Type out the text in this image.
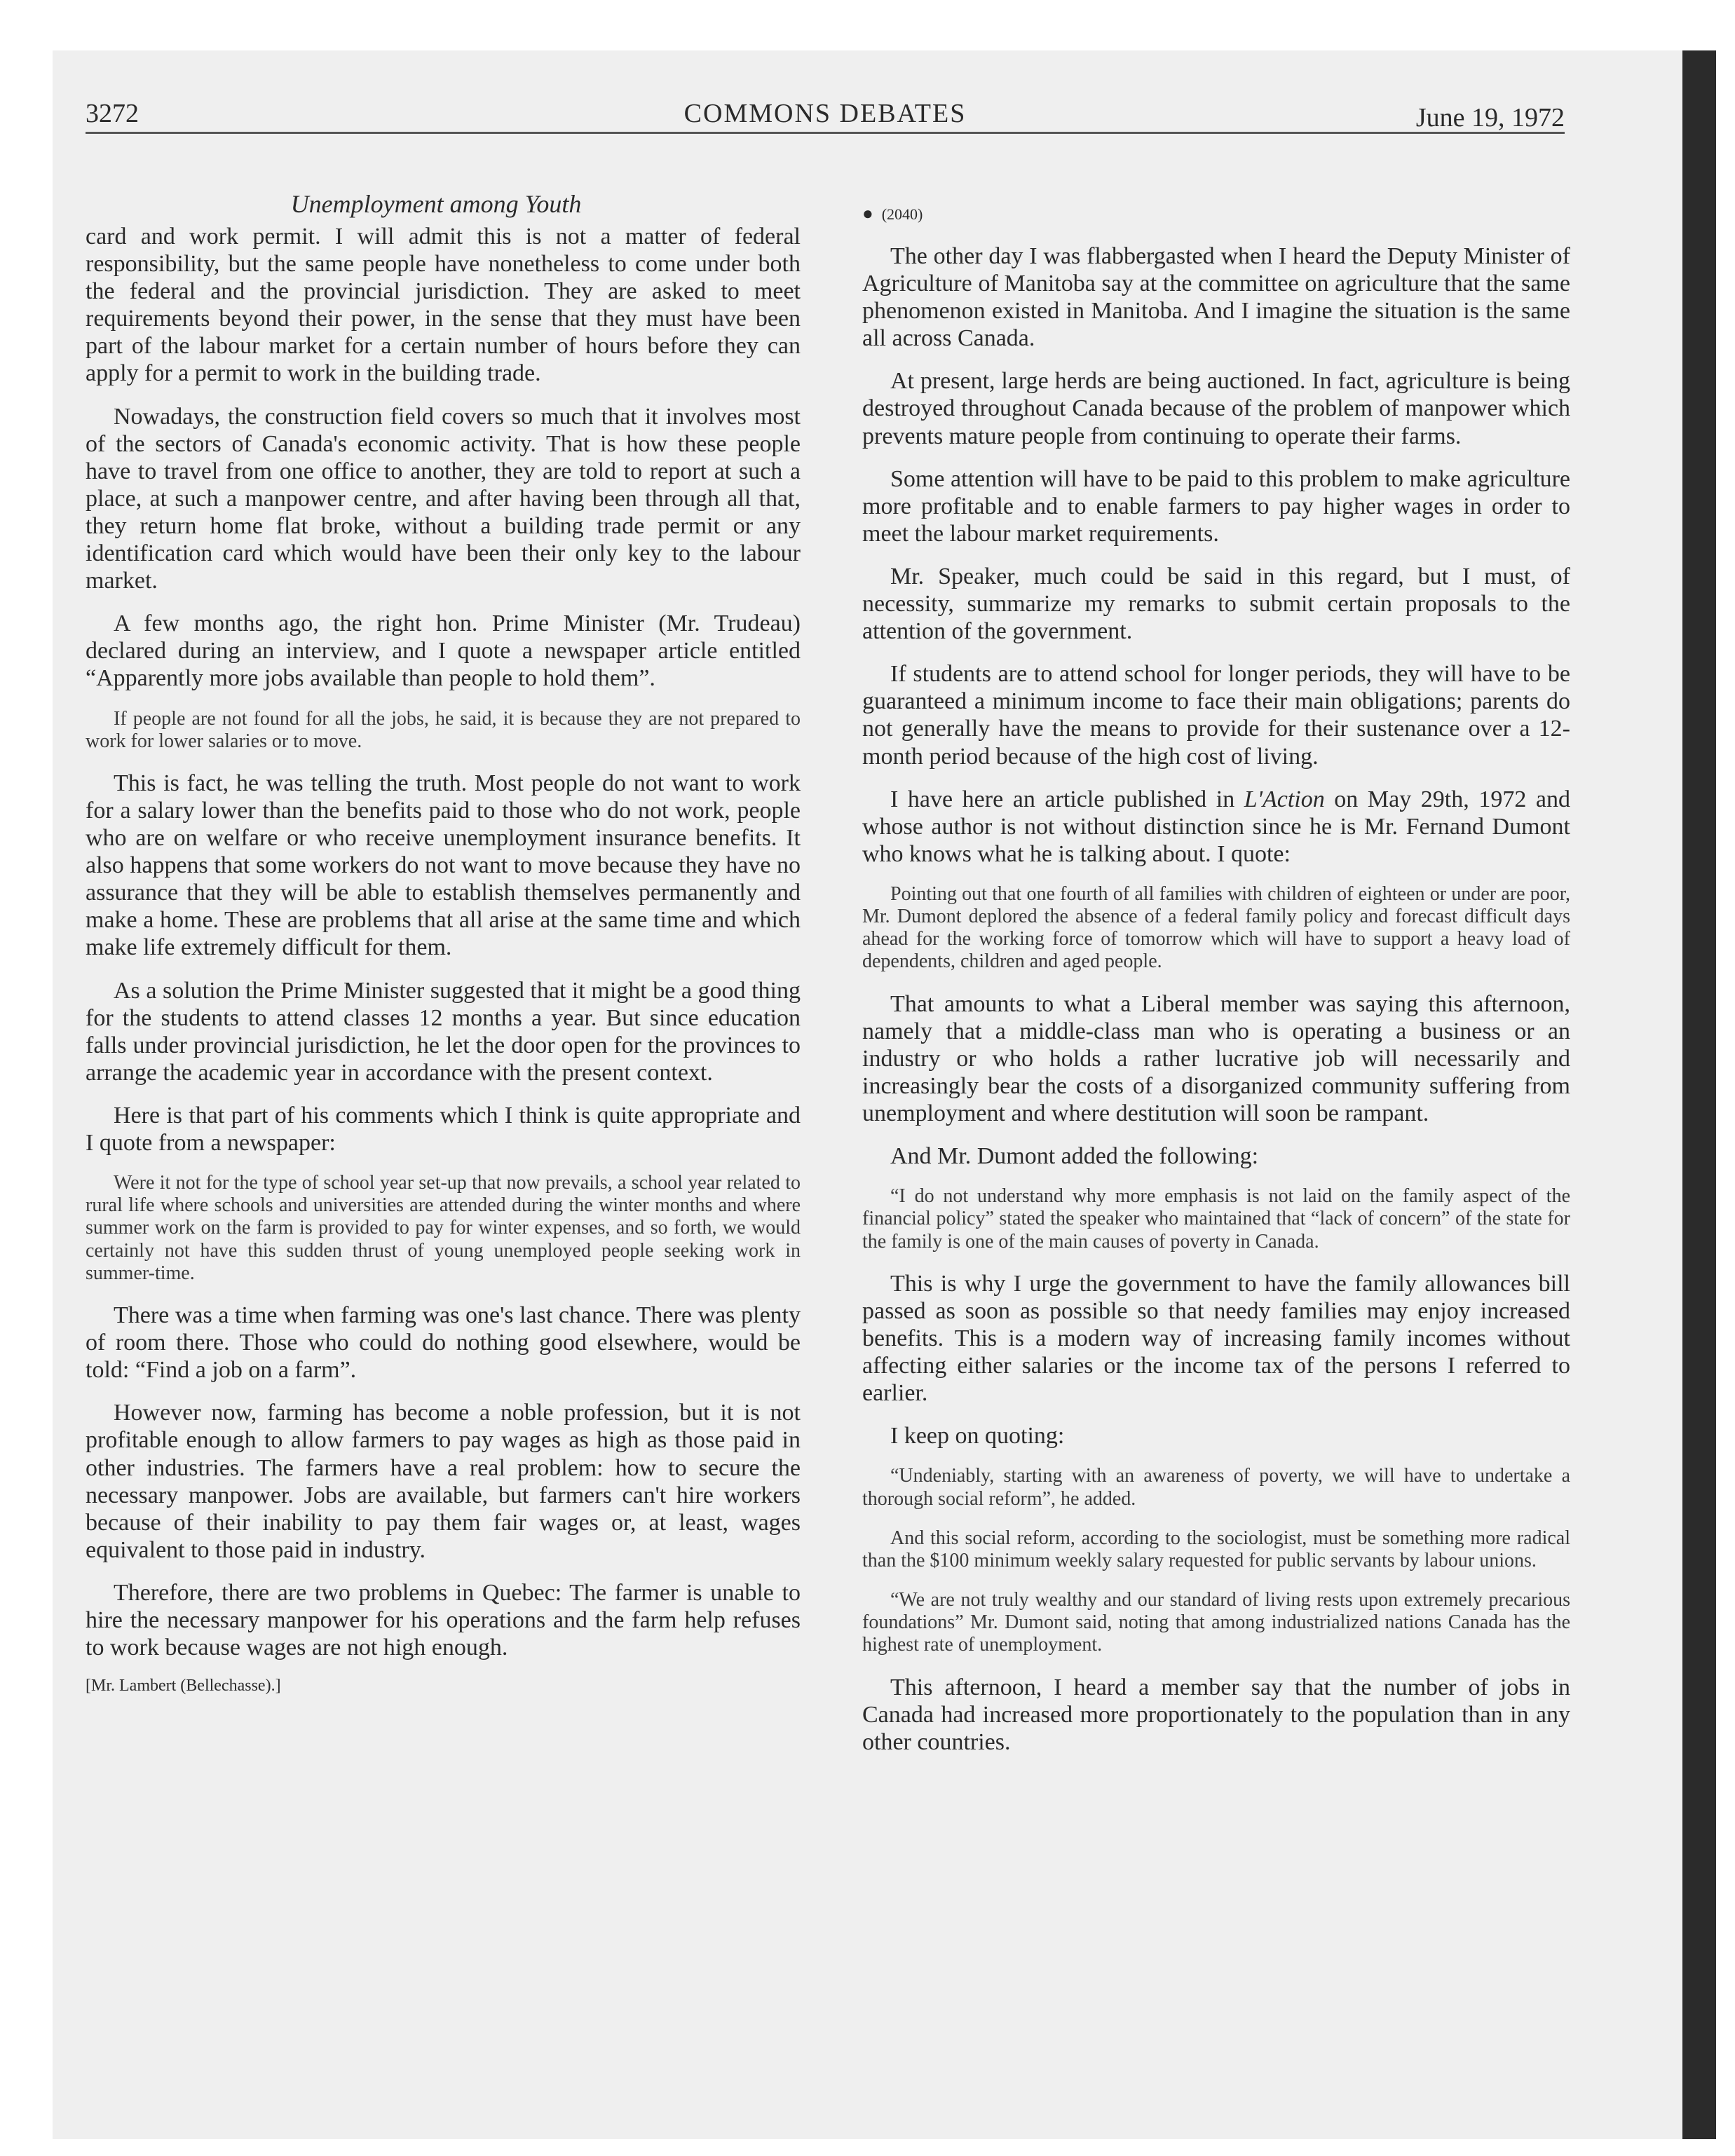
3272	COMMONS DEBATES	June 19, 1972
Unemployment among Youth

card and work permit. I will admit this is not a matter of federal responsibility, but the same people have nonetheless to come under both the federal and the provincial jurisdiction. They are asked to meet requirements beyond their power, in the sense that they must have been part of the labour market for a certain number of hours before they can apply for a permit to work in the building trade.

Nowadays, the construction field covers so much that it involves most of the sectors of Canada's economic activity. That is how these people have to travel from one office to another, they are told to report at such a place, at such a manpower centre, and after having been through all that, they return home flat broke, without a building trade permit or any identification card which would have been their only key to the labour market.

A few months ago, the right hon. Prime Minister (Mr. Trudeau) declared during an interview, and I quote a newspaper article entitled “Apparently more jobs available than people to hold them”.

If people are not found for all the jobs, he said, it is because they are not prepared to work for lower salaries or to move.

This is fact, he was telling the truth. Most people do not want to work for a salary lower than the benefits paid to those who do not work, people who are on welfare or who receive unemployment insurance benefits. It also happens that some workers do not want to move because they have no assurance that they will be able to establish themselves permanently and make a home. These are problems that all arise at the same time and which make life extremely difficult for them.

As a solution the Prime Minister suggested that it might be a good thing for the students to attend classes 12 months a year. But since education falls under provincial jurisdiction, he let the door open for the provinces to arrange the academic year in accordance with the present context.

Here is that part of his comments which I think is quite appropriate and I quote from a newspaper:

Were it not for the type of school year set-up that now prevails, a school year related to rural life where schools and universities are attended during the winter months and where summer work on the farm is provided to pay for winter expenses, and so forth, we would certainly not have this sudden thrust of young unemployed people seeking work in summer-time.

There was a time when farming was one's last chance. There was plenty of room there. Those who could do nothing good elsewhere, would be told: “Find a job on a farm”.

However now, farming has become a noble profession, but it is not profitable enough to allow farmers to pay wages as high as those paid in other industries. The farmers have a real problem: how to secure the necessary manpower. Jobs are available, but farmers can't hire workers because of their inability to pay them fair wages or, at least, wages equivalent to those paid in industry.

Therefore, there are two problems in Quebec: The farmer is unable to hire the necessary manpower for his operations and the farm help refuses to work because wages are not high enough.

[Mr. Lambert (Bellechasse).]
● (2040)

The other day I was flabbergasted when I heard the Deputy Minister of Agriculture of Manitoba say at the committee on agriculture that the same phenomenon existed in Manitoba. And I imagine the situation is the same all across Canada.

At present, large herds are being auctioned. In fact, agriculture is being destroyed throughout Canada because of the problem of manpower which prevents mature people from continuing to operate their farms.

Some attention will have to be paid to this problem to make agriculture more profitable and to enable farmers to pay higher wages in order to meet the labour market requirements.

Mr. Speaker, much could be said in this regard, but I must, of necessity, summarize my remarks to submit certain proposals to the attention of the government.

If students are to attend school for longer periods, they will have to be guaranteed a minimum income to face their main obligations; parents do not generally have the means to provide for their sustenance over a 12-month period because of the high cost of living.

I have here an article published in L'Action on May 29th, 1972 and whose author is not without distinction since he is Mr. Fernand Dumont who knows what he is talking about. I quote:

Pointing out that one fourth of all families with children of eighteen or under are poor, Mr. Dumont deplored the absence of a federal family policy and forecast difficult days ahead for the working force of tomorrow which will have to support a heavy load of dependents, children and aged people.

That amounts to what a Liberal member was saying this afternoon, namely that a middle-class man who is operating a business or an industry or who holds a rather lucrative job will necessarily and increasingly bear the costs of a disorganized community suffering from unemployment and where destitution will soon be rampant.

And Mr. Dumont added the following:

“I do not understand why more emphasis is not laid on the family aspect of the financial policy” stated the speaker who maintained that “lack of concern” of the state for the family is one of the main causes of poverty in Canada.

This is why I urge the government to have the family allowances bill passed as soon as possible so that needy families may enjoy increased benefits. This is a modern way of increasing family incomes without affecting either salaries or the income tax of the persons I referred to earlier.

I keep on quoting:

“Undeniably, starting with an awareness of poverty, we will have to undertake a thorough social reform”, he added.

And this social reform, according to the sociologist, must be something more radical than the $100 minimum weekly salary requested for public servants by labour unions.

“We are not truly wealthy and our standard of living rests upon extremely precarious foundations” Mr. Dumont said, noting that among industrialized nations Canada has the highest rate of unemployment.

This afternoon, I heard a member say that the number of jobs in Canada had increased more proportionately to the population than in any other countries.
